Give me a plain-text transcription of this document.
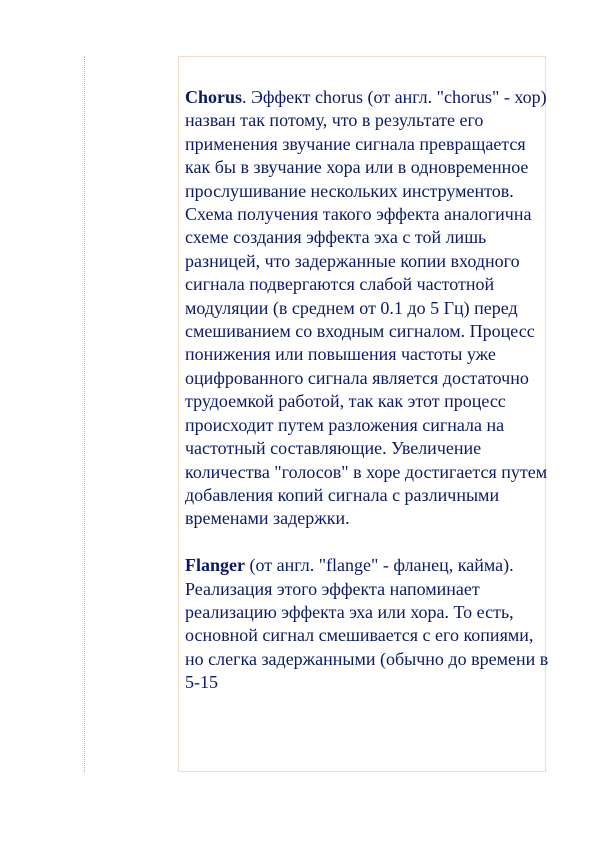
Chorus. Эффект chorus (от англ. "chorus" - хор) назван так потому, что в результате его применения звучание сигнала превращается как бы в звучание хора или в одновременное прослушивание нескольких инструментов. Схема получения такого эффекта аналогична схеме создания эффекта эха с той лишь разницей, что задержанные копии входного сигнала подвергаются слабой частотной модуляции (в среднем от 0.1 до 5 Гц) перед смешиванием со входным сигналом. Процесс понижения или повышения частоты уже оцифрованного сигнала является достаточно трудоемкой работой, так как этот процесс происходит путем разложения сигнала на частотный составляющие. Увеличение количества "голосов" в хоре достигается путем добавления копий сигнала с различными временами задержки.

Flanger (от англ. "flange" - фланец, кайма). Реализация этого эффекта напоминает реализацию эффекта эха или хора. То есть, основной сигнал смешивается с его копиями, но слегка задержанными (обычно до времени в 5-15
